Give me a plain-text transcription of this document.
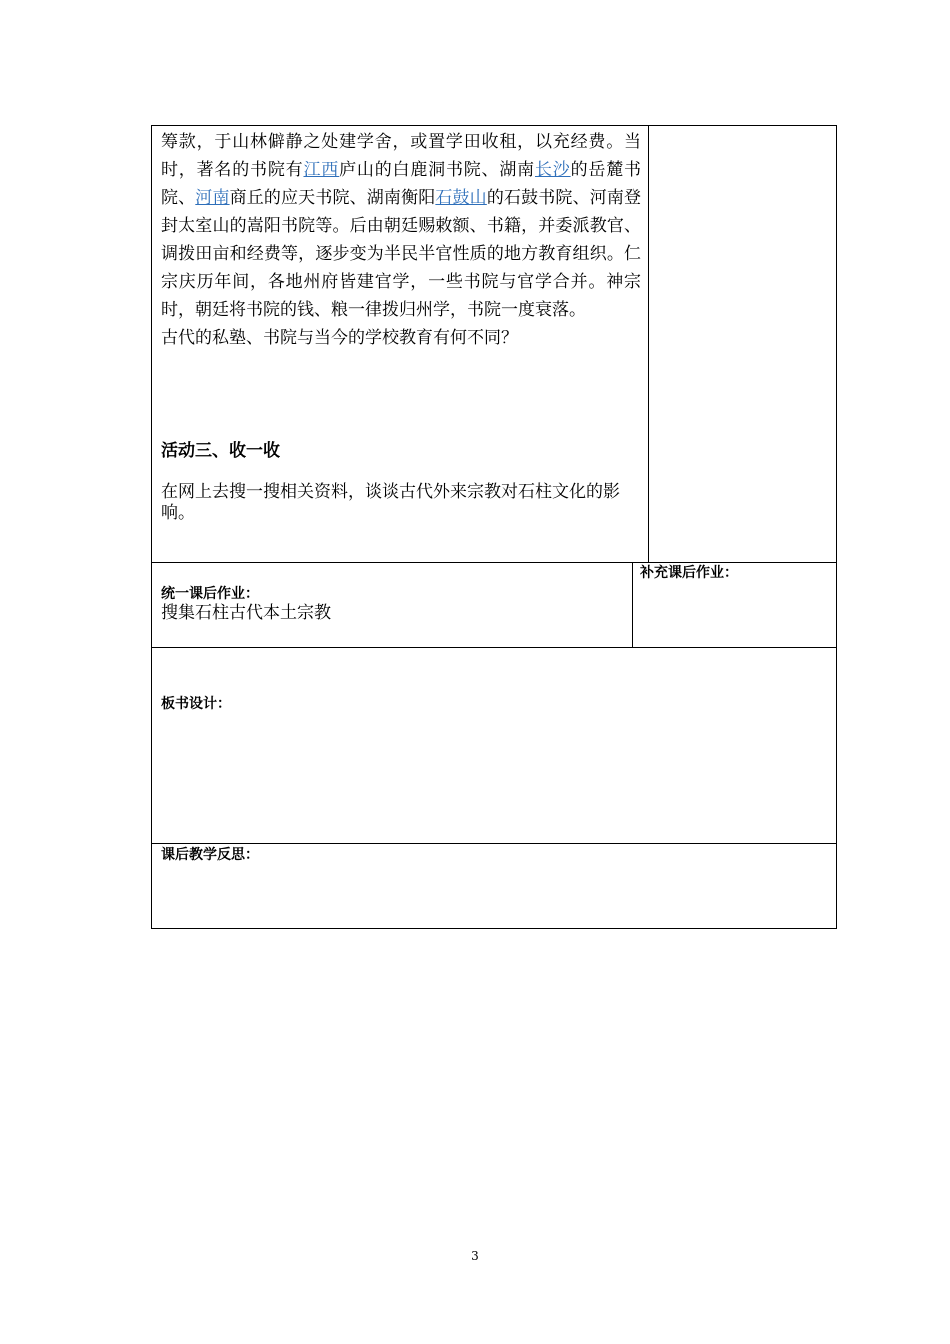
筹款，于山林僻静之处建学舍，或置学田收租，以充经费。当时，著名的书院有江西庐山的白鹿洞书院、湖南长沙的岳麓书院、河南商丘的应天书院、湖南衡阳石鼓山的石鼓书院、河南登封太室山的嵩阳书院等。后由朝廷赐敕额、书籍，并委派教官、调拨田亩和经费等，逐步变为半民半官性质的地方教育组织。仁宗庆历年间，各地州府皆建官学，一些书院与官学合并。神宗时，朝廷将书院的钱、粮一律拨归州学，书院一度衰落。

古代的私塾、书院与当今的学校教育有何不同？

活动三、收一收
在网上去搜一搜相关资料，谈谈古代外来宗教对石柱文化的影响。
统一课后作业：
搜集石柱古代本土宗教
补充课后作业：
板书设计：
课后教学反思：
3
